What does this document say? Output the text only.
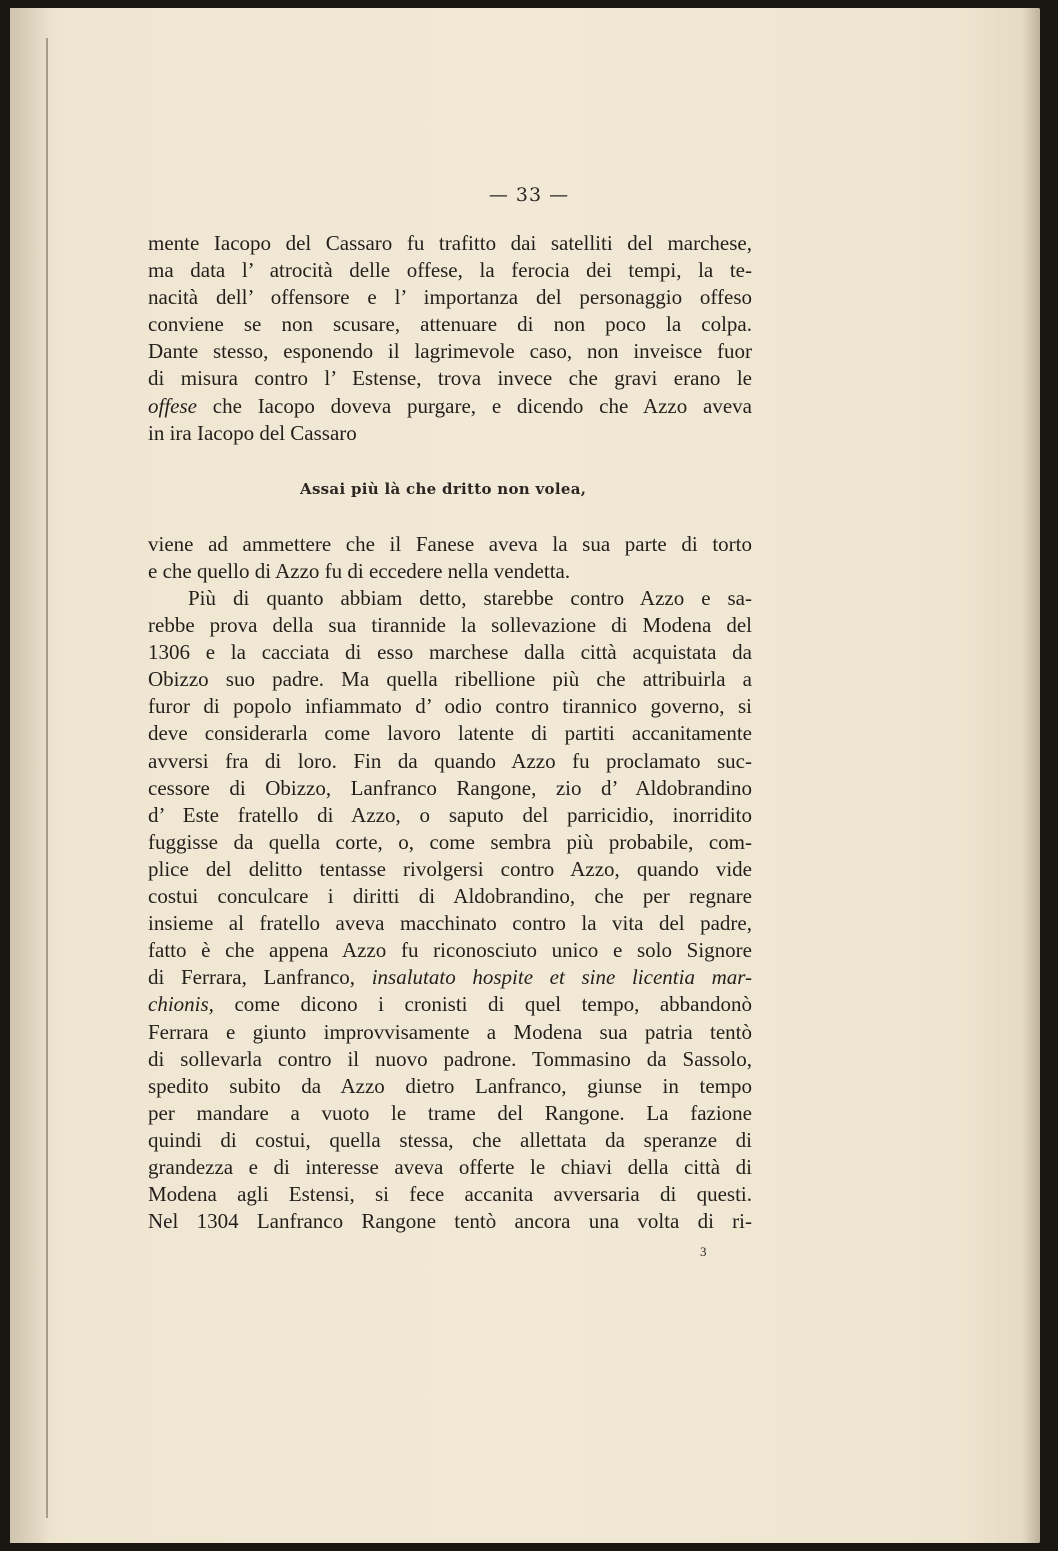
— 33 —
mente Iacopo del Cassaro fu trafitto dai satelliti del marchese,
ma data l’ atrocità delle offese, la ferocia dei tempi, la te-
nacità dell’ offensore e l’ importanza del personaggio offeso
conviene se non scusare, attenuare di non poco la colpa.
Dante stesso, esponendo il lagrimevole caso, non inveisce fuor
di misura contro l’ Estense, trova invece che gravi erano le
offese che Iacopo doveva purgare, e dicendo che Azzo aveva
in ira Iacopo del Cassaro
Assai più là che dritto non volea,
viene ad ammettere che il Fanese aveva la sua parte di torto
e che quello di Azzo fu di eccedere nella vendetta.
Più di quanto abbiam detto, starebbe contro Azzo e sa-
rebbe prova della sua tirannide la sollevazione di Modena del
1306 e la cacciata di esso marchese dalla città acquistata da
Obizzo suo padre. Ma quella ribellione più che attribuirla a
furor di popolo infiammato d’ odio contro tirannico governo, si
deve considerarla come lavoro latente di partiti accanitamente
avversi fra di loro. Fin da quando Azzo fu proclamato suc-
cessore di Obizzo, Lanfranco Rangone, zio d’ Aldobrandino
d’ Este fratello di Azzo, o saputo del parricidio, inorridito
fuggisse da quella corte, o, come sembra più probabile, com-
plice del delitto tentasse rivolgersi contro Azzo, quando vide
costui conculcare i diritti di Aldobrandino, che per regnare
insieme al fratello aveva macchinato contro la vita del padre,
fatto è che appena Azzo fu riconosciuto unico e solo Signore
di Ferrara, Lanfranco, insalutato hospite et sine licentia mar-
chionis, come dicono i cronisti di quel tempo, abbandonò
Ferrara e giunto improvvisamente a Modena sua patria tentò
di sollevarla contro il nuovo padrone. Tommasino da Sassolo,
spedito subito da Azzo dietro Lanfranco, giunse in tempo
per mandare a vuoto le trame del Rangone. La fazione
quindi di costui, quella stessa, che allettata da speranze di
grandezza e di interesse aveva offerte le chiavi della città di
Modena agli Estensi, si fece accanita avversaria di questi.
Nel 1304 Lanfranco Rangone tentò ancora una volta di ri-
3
